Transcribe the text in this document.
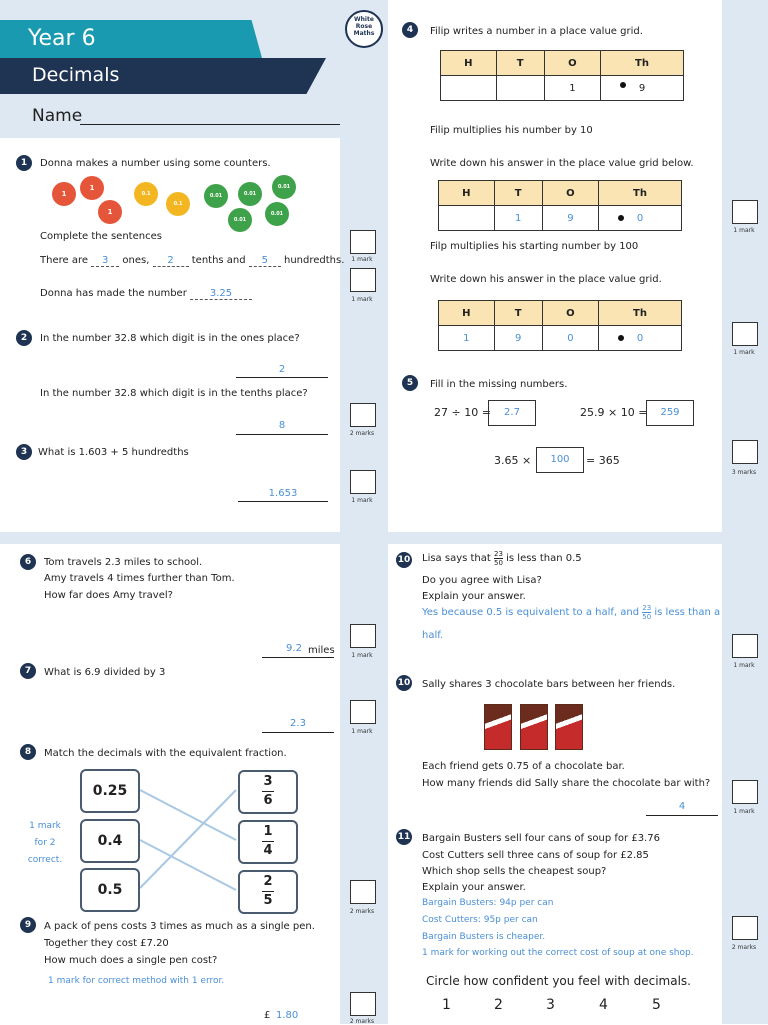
Year 6
Decimals
Name
White
Rose
Maths
1	Donna makes a number using some counters.
1
1
1
0.1
0.1
0.01	0.01
0.01
0.01
0.01
Complete the sentences
There are 3 ones, 2 tenths and 5 hundredths.
Donna has made the number 3.25
1 mark
1 mark
2	In the number 32.8 which digit is in the ones place?
2
In the number 32.8 which digit is in the tenths place?
8
2 marks
3	What is 1.603 + 5 hundredths
1.653
1 mark
4	Filip writes a number in a place value grid.
H	T	O	Th
		1	9
Filip multiplies his number by 10
Write down his answer in the place value grid below.
H	T	O	Th
	1	9	0
1 mark
Filp multiplies his starting number by 100
Write down his answer in the place value grid.
H	T	O	Th
1	9	0	0
1 mark
5	Fill in the missing numbers.
27 ÷ 10 =	2.7	25.9 × 10 =	259
3.65 ×	100	= 365
3 marks
6	Tom travels 2.3 miles to school.
Amy travels 4 times further than Tom.
How far does Amy travel?
9.2 miles	1 mark
7	What is 6.9 divided by 3
2.3
1 mark
8	Match the decimals with the equivalent fraction.
0.25
0.4
0.5
3
6
1
4
2
5
1 mark
for 2
correct.
2 marks
9	A pack of pens costs 3 times as much as a single pen.
Together they cost £7.20
How much does a single pen cost?
1 mark for correct method with 1 error.
£ 1.80
2 marks
10 Lisa says that $\frac{23}{50}$ is less than 0.5
Do you agree with Lisa?
Explain your answer.
Yes because 0.5 is equivalent to a half, and $\frac{23}{50}$ is less than a
half.
1 mark
10 Sally shares 3 chocolate bars between her friends.
Each friend gets 0.75 of a chocolate bar.
How many friends did Sally share the chocolate bar with?
4	1 mark
11 Bargain Busters sell four cans of soup for £3.76
Cost Cutters sell three cans of soup for £2.85
Which shop sells the cheapest soup?
Explain your answer.
Bargain Busters: 94p per can
Cost Cutters: 95p per can
Bargain Busters is cheaper.
1 mark for working out the correct cost of soup at one shop.
2 marks
Circle how confident you feel with decimals.
1	2	3	4	5
